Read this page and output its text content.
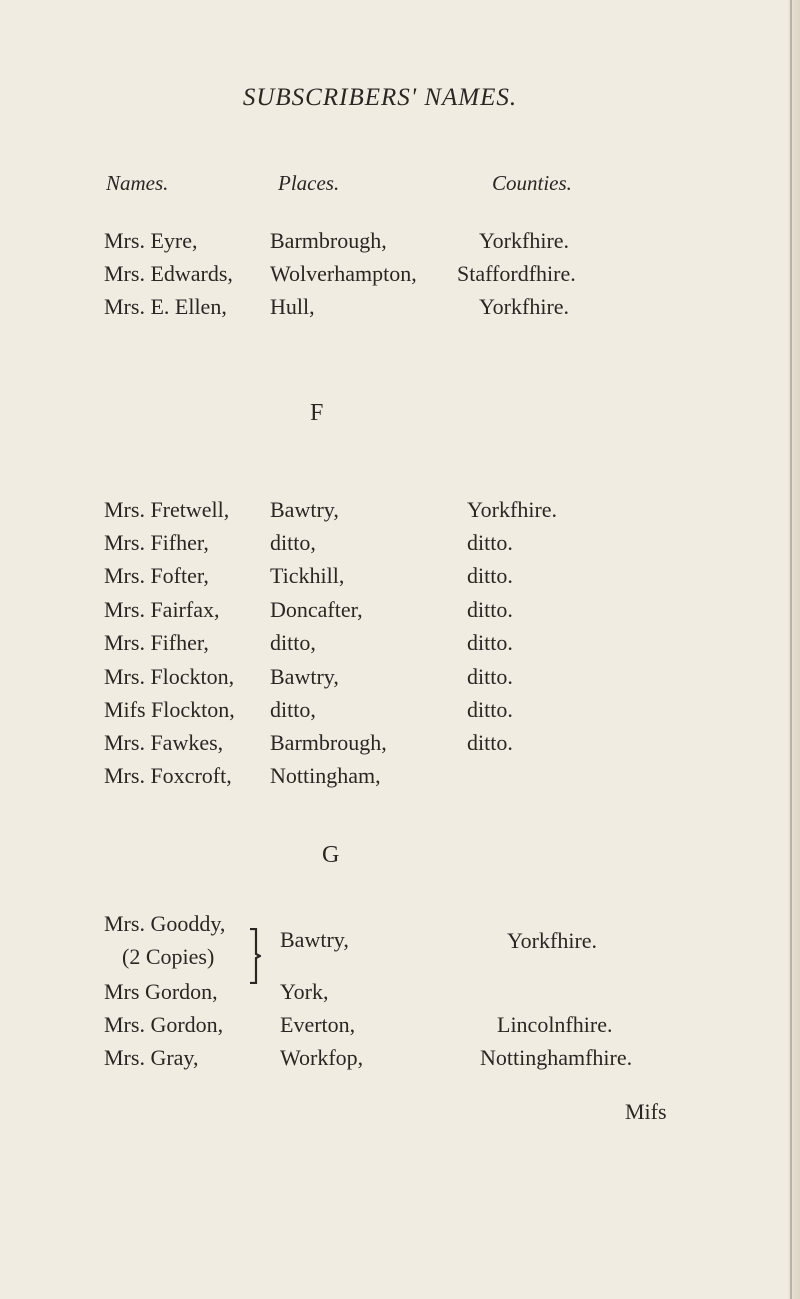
SUBSCRIBERS' NAMES.
Names.	Places.	Counties.
Mrs. Eyre,	Barmbrough,	Yorkfhire.
Mrs. Edwards, Wolverhampton, Staffordfhire.
Mrs. E. Ellen, Hull,	Yorkfhire.
F
Mrs. Fretwell, Bawtry,	Yorkfhire.
Mrs. Fifher,	ditto,	ditto.
Mrs. Fofter,	Tickhill,	ditto.
Mrs. Fairfax, Doncafter,	ditto.
Mrs. Fifher,	ditto,	ditto.
Mrs. Flockton, Bawtry,	ditto.
Mifs Flockton, ditto,	ditto.
Mrs. Fawkes, Barmbrough,	ditto.
Mrs. Foxcroft, Nottingham,
G
Mrs. Gooddy,
(2 Copies)
Bawtry,	Yorkfhire.
Mrs Gordon,	York,
Mrs. Gordon,	Everton,	Lincolnfhire.
Mrs. Gray,	Workfop,	Nottinghamfhire.
Mifs
